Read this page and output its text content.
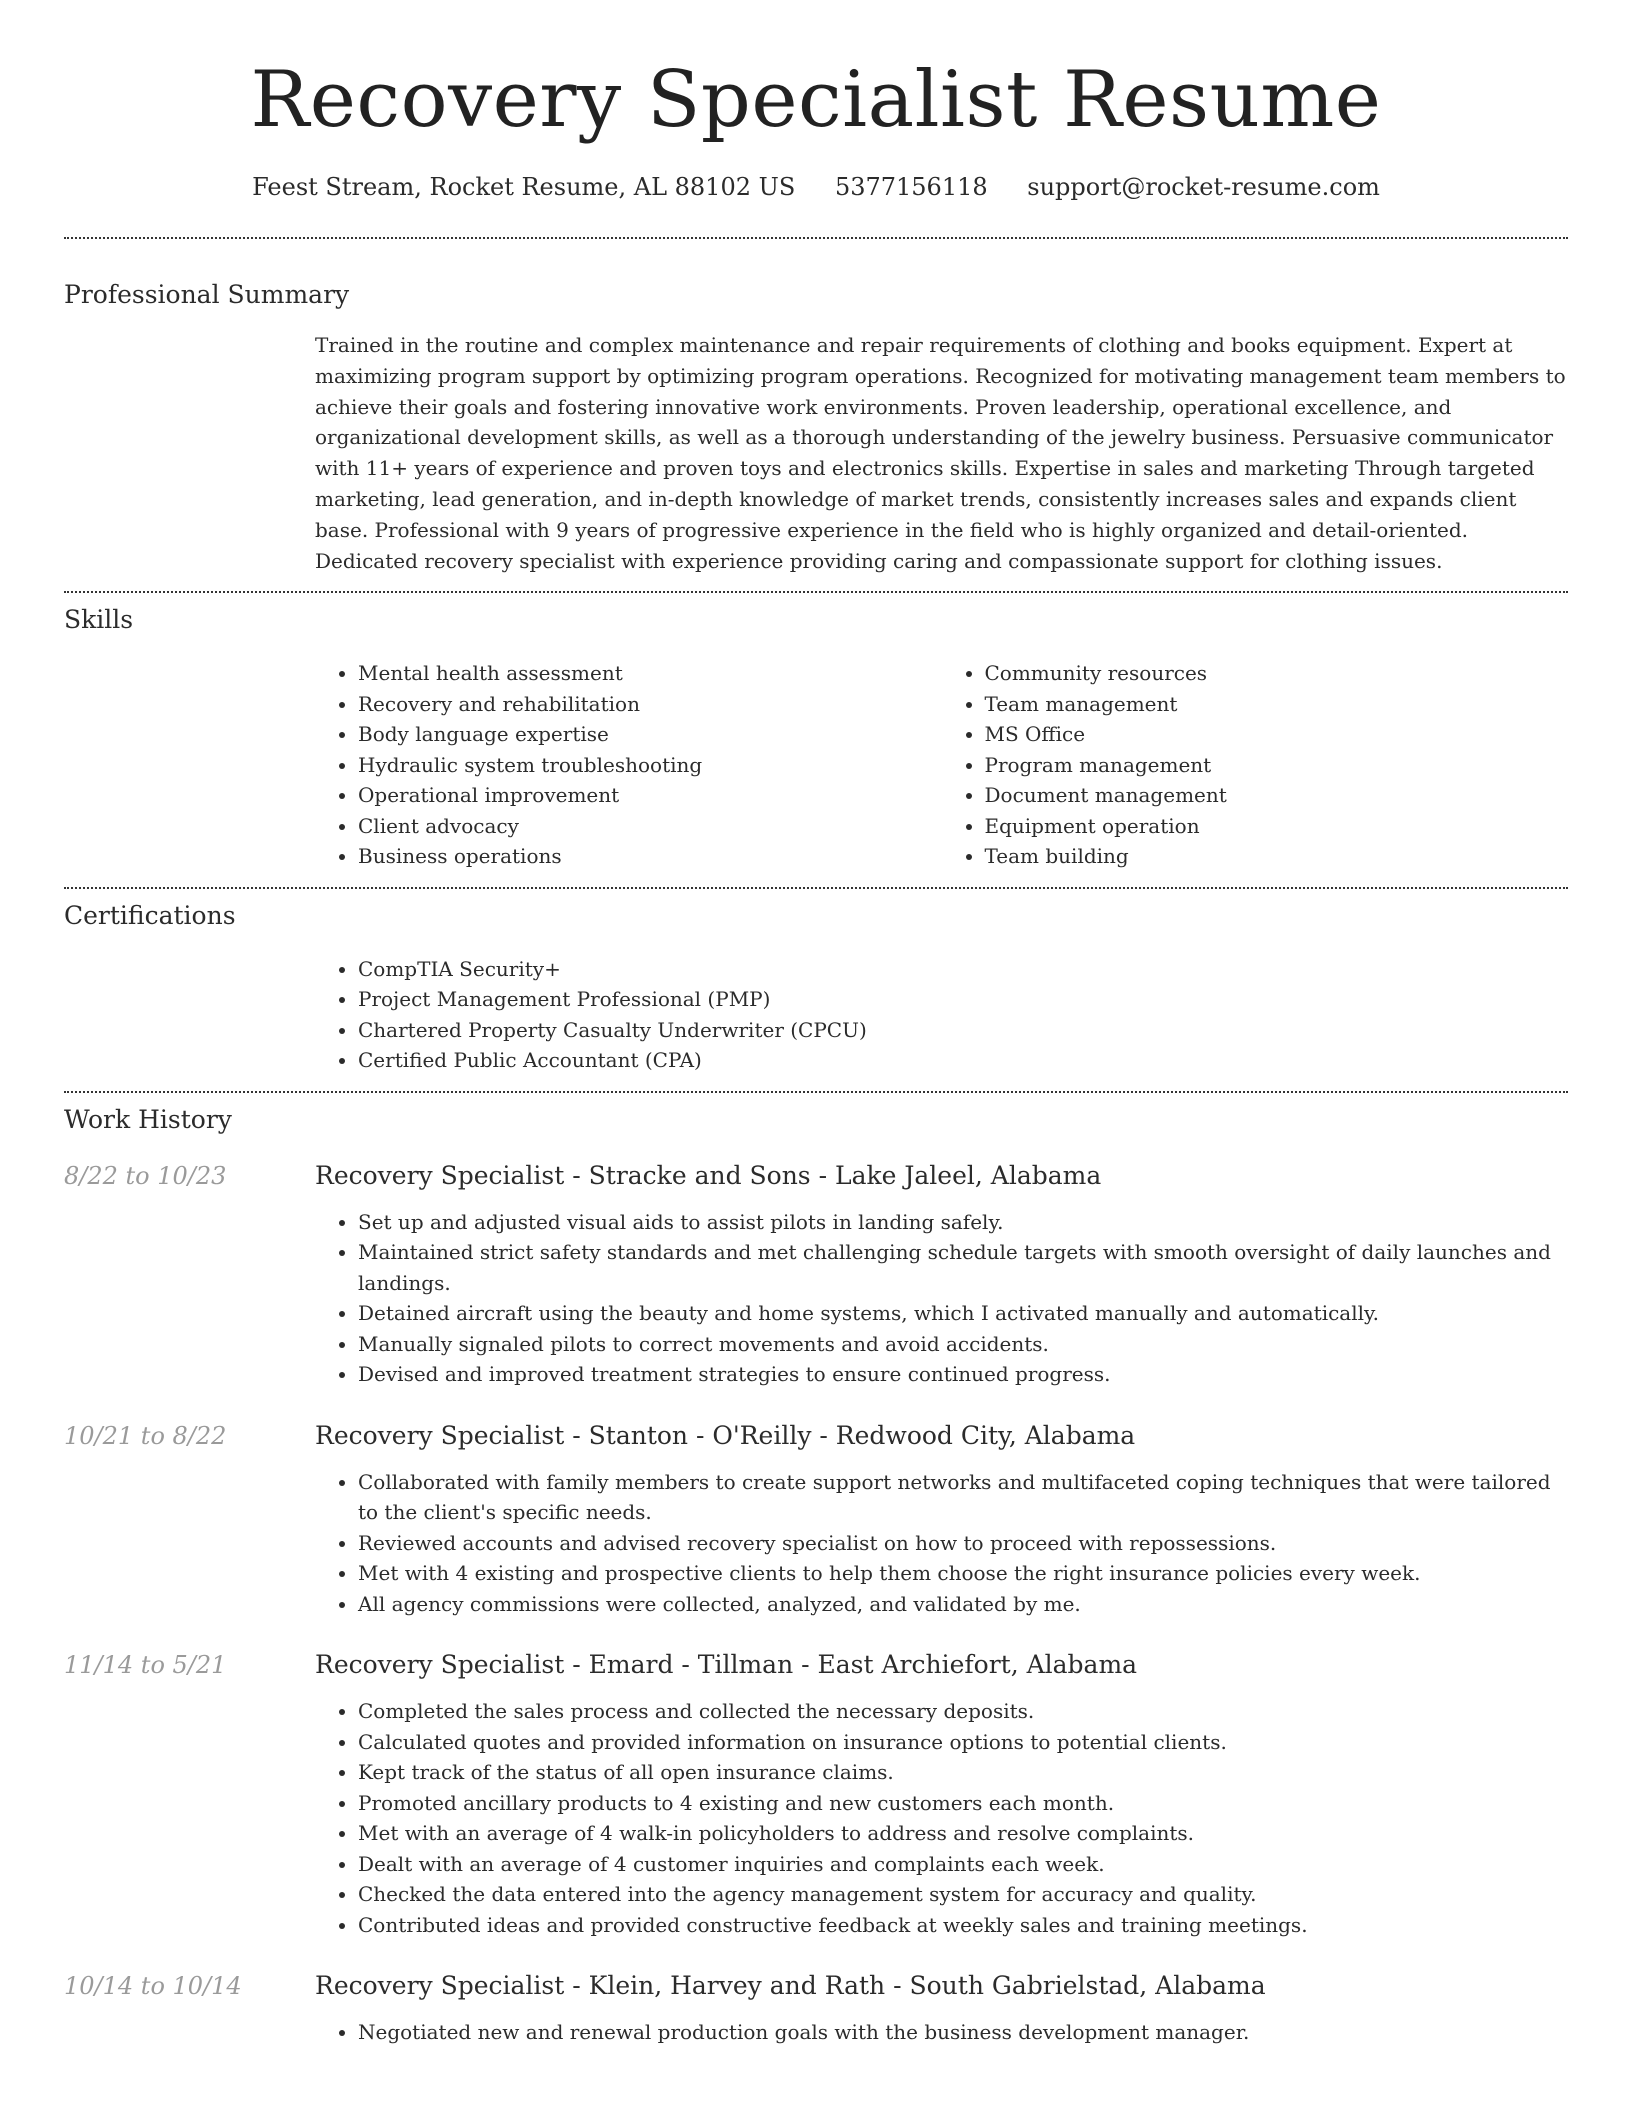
Recovery Specialist Resume
Feest Stream, Rocket Resume, AL 88102 US 5377156118 support@rocket-resume.com
Professional Summary
Trained in the routine and complex maintenance and repair requirements of clothing and books equipment. Expert at maximizing program support by optimizing program operations. Recognized for motivating management team members to achieve their goals and fostering innovative work environments. Proven leadership, operational excellence, and organizational development skills, as well as a thorough understanding of the jewelry business. Persuasive communicator with 11+ years of experience and proven toys and electronics skills. Expertise in sales and marketing Through targeted marketing, lead generation, and in-depth knowledge of market trends, consistently increases sales and expands client base. Professional with 9 years of progressive experience in the field who is highly organized and detail-oriented. Dedicated recovery specialist with experience providing caring and compassionate support for clothing issues.
Skills
• Mental health assessment
• Recovery and rehabilitation
• Body language expertise
• Hydraulic system troubleshooting
• Operational improvement
• Client advocacy
• Business operations
• Community resources
• Team management
• MS Office
• Program management
• Document management
• Equipment operation
• Team building
Certifications
• CompTIA Security+
• Project Management Professional (PMP)
• Chartered Property Casualty Underwriter (CPCU)
• Certified Public Accountant (CPA)
Work History
8/22 to 10/23	Recovery Specialist - Stracke and Sons - Lake Jaleel, Alabama
• Set up and adjusted visual aids to assist pilots in landing safely.
• Maintained strict safety standards and met challenging schedule targets with smooth oversight of daily launches and landings.
• Detained aircraft using the beauty and home systems, which I activated manually and automatically.
• Manually signaled pilots to correct movements and avoid accidents.
• Devised and improved treatment strategies to ensure continued progress.
10/21 to 8/22	Recovery Specialist - Stanton - O'Reilly - Redwood City, Alabama
• Collaborated with family members to create support networks and multifaceted coping techniques that were tailored to the client's specific needs.
• Reviewed accounts and advised recovery specialist on how to proceed with repossessions.
• Met with 4 existing and prospective clients to help them choose the right insurance policies every week.
• All agency commissions were collected, analyzed, and validated by me.
11/14 to 5/21	Recovery Specialist - Emard - Tillman - East Archiefort, Alabama
• Completed the sales process and collected the necessary deposits.
• Calculated quotes and provided information on insurance options to potential clients.
• Kept track of the status of all open insurance claims.
• Promoted ancillary products to 4 existing and new customers each month.
• Met with an average of 4 walk-in policyholders to address and resolve complaints.
• Dealt with an average of 4 customer inquiries and complaints each week.
• Checked the data entered into the agency management system for accuracy and quality.
• Contributed ideas and provided constructive feedback at weekly sales and training meetings.
10/14 to 10/14	Recovery Specialist - Klein, Harvey and Rath - South Gabrielstad, Alabama
• Negotiated new and renewal production goals with the business development manager.
